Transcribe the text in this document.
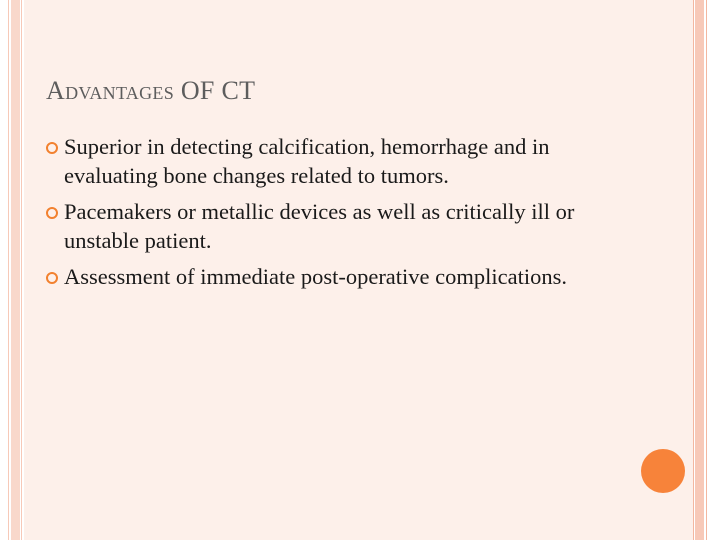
Advantages OF CT
Superior in detecting calcification, hemorrhage and in evaluating bone changes related to tumors.
Pacemakers or metallic devices as well as critically ill or unstable patient.
Assessment of immediate post-operative complications.
